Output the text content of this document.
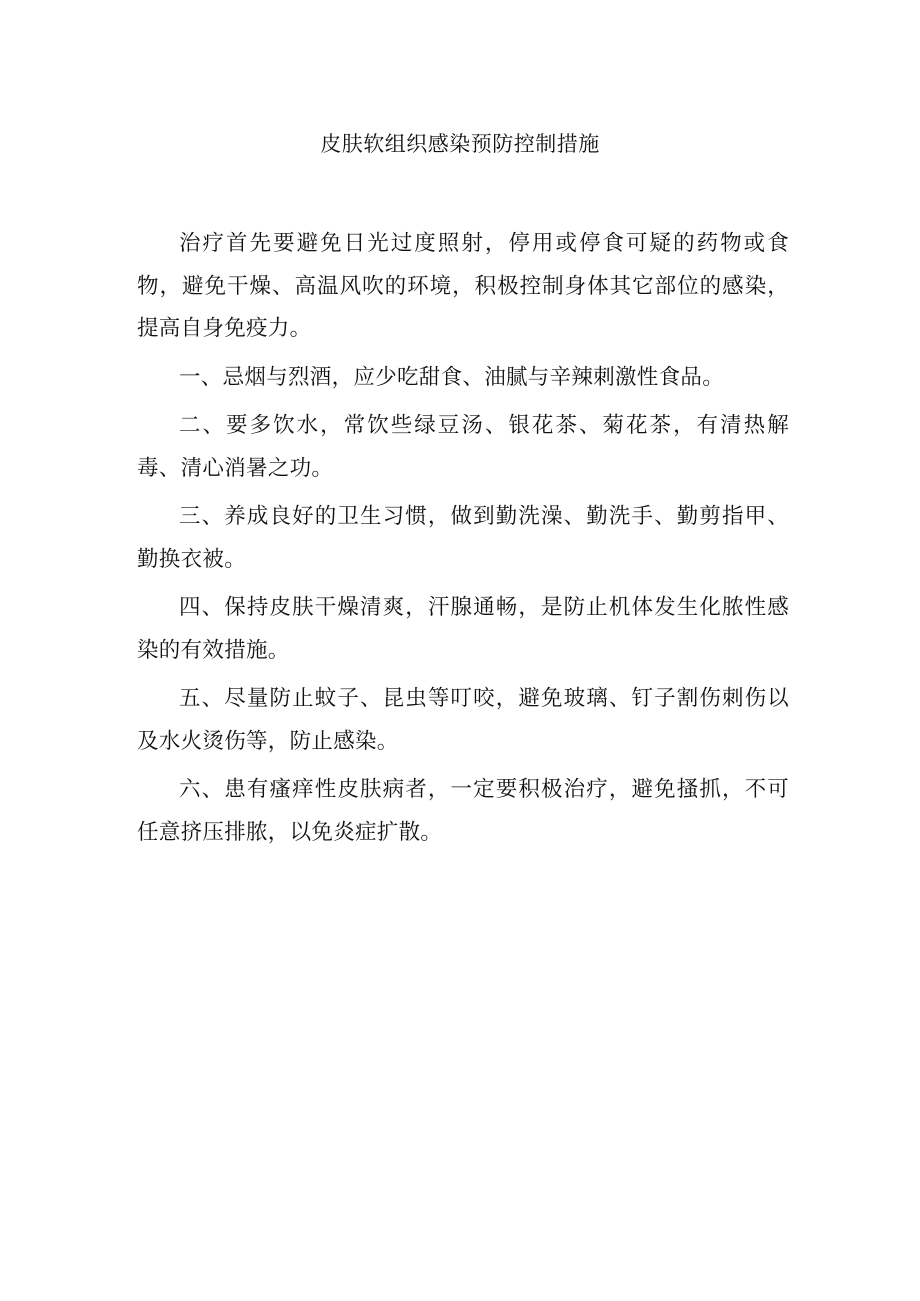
皮肤软组织感染预防控制措施

治疗首先要避免日光过度照射，停用或停食可疑的药物或食物，避免干燥、高温风吹的环境，积极控制身体其它部位的感染，提高自身免疫力。

一、忌烟与烈酒，应少吃甜食、油腻与辛辣刺激性食品。

二、要多饮水，常饮些绿豆汤、银花茶、菊花茶，有清热解毒、清心消暑之功。

三、养成良好的卫生习惯，做到勤洗澡、勤洗手、勤剪指甲、勤换衣被。

四、保持皮肤干燥清爽，汗腺通畅，是防止机体发生化脓性感染的有效措施。

五、尽量防止蚊子、昆虫等叮咬，避免玻璃、钉子割伤刺伤以及水火烫伤等，防止感染。

六、患有瘙痒性皮肤病者，一定要积极治疗，避免搔抓，不可任意挤压排脓，以免炎症扩散。
